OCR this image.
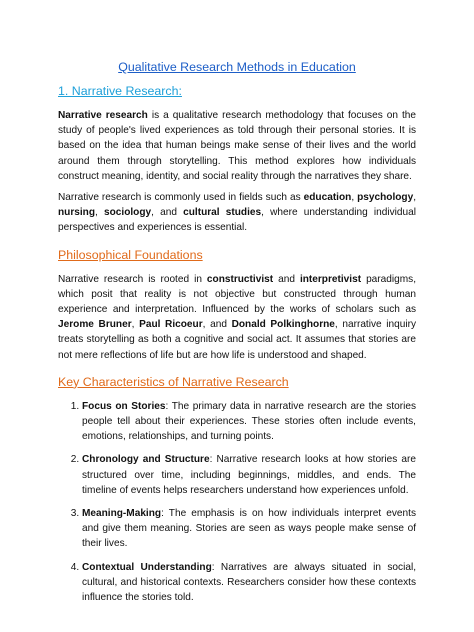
Qualitative Research Methods in Education
1. Narrative Research:

Narrative research is a qualitative research methodology that focuses on the study of people's lived experiences as told through their personal stories. It is based on the idea that human beings make sense of their lives and the world around them through storytelling. This method explores how individuals construct meaning, identity, and social reality through the narratives they share.

Narrative research is commonly used in fields such as education, psychology, nursing, sociology, and cultural studies, where understanding individual perspectives and experiences is essential.

Philosophical Foundations

Narrative research is rooted in constructivist and interpretivist paradigms, which posit that reality is not objective but constructed through human experience and interpretation. Influenced by the works of scholars such as Jerome Bruner, Paul Ricoeur, and Donald Polkinghorne, narrative inquiry treats storytelling as both a cognitive and social act. It assumes that stories are not mere reflections of life but are how life is understood and shaped.

Key Characteristics of Narrative Research
1. Focus on Stories: The primary data in narrative research are the stories people tell about their experiences. These stories often include events, emotions, relationships, and turning points.
2. Chronology and Structure: Narrative research looks at how stories are structured over time, including beginnings, middles, and ends. The timeline of events helps researchers understand how experiences unfold.
3. Meaning-Making: The emphasis is on how individuals interpret events and give them meaning. Stories are seen as ways people make sense of their lives.
4. Contextual Understanding: Narratives are always situated in social, cultural, and historical contexts. Researchers consider how these contexts influence the stories told.
